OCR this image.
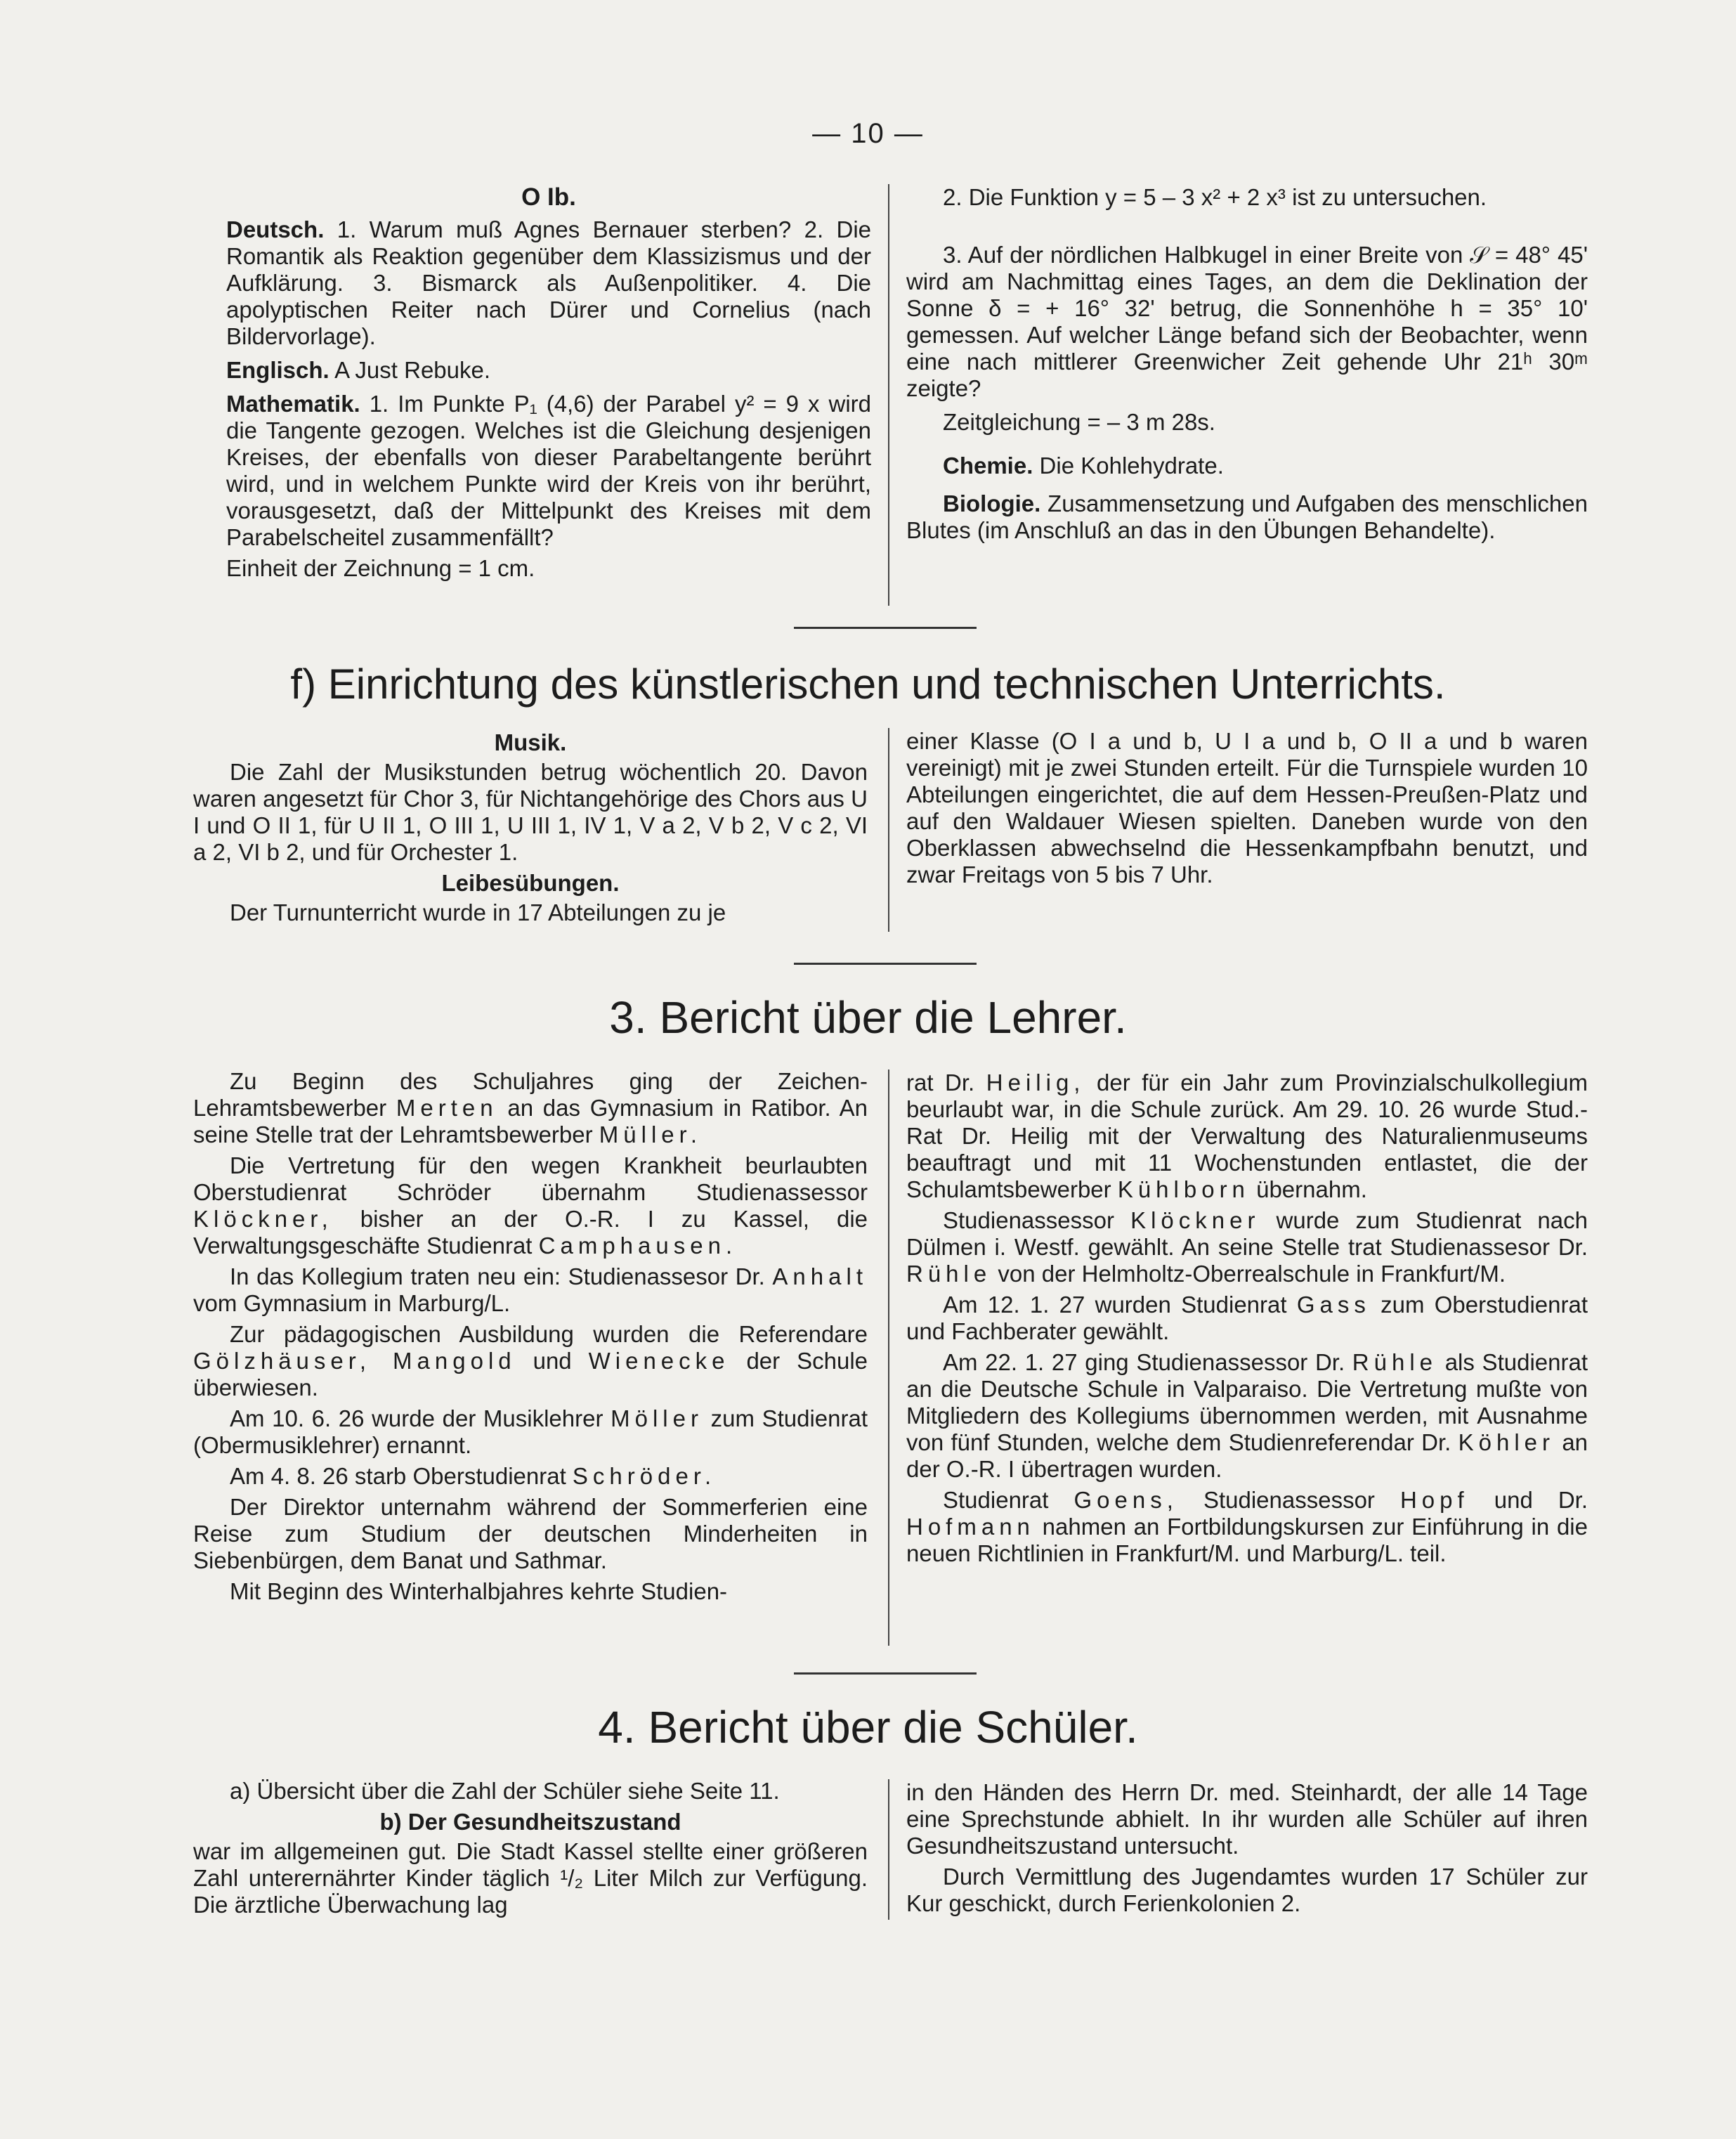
— 10 —
O Ib.

Deutsch. 1. Warum muß Agnes Bernauer sterben? 2. Die Romantik als Reaktion gegenüber dem Klassizismus und der Aufklärung. 3. Bismarck als Außenpolitiker. 4. Die apolyptischen Reiter nach Dürer und Cornelius (nach Bildervorlage).

Englisch. A Just Rebuke.

Mathematik. 1. Im Punkte P₁ (4,6) der Parabel y² = 9 x wird die Tangente gezogen. Welches ist die Gleichung desjenigen Kreises, der ebenfalls von dieser Parabeltangente berührt wird, und in welchem Punkte wird der Kreis von ihr berührt, vorausgesetzt, daß der Mittelpunkt des Kreises mit dem Parabelscheitel zusammenfällt?

Einheit der Zeichnung = 1 cm.

2. Die Funktion y = 5 – 3 x² + 2 x³ ist zu untersuchen.

3. Auf der nördlichen Halbkugel in einer Breite von 𝒮 = 48° 45' wird am Nachmittag eines Tages, an dem die Deklination der Sonne δ = + 16° 32' betrug, die Sonnenhöhe h = 35° 10' gemessen. Auf welcher Länge befand sich der Beobachter, wenn eine nach mittlerer Greenwicher Zeit gehende Uhr 21ʰ 30ᵐ zeigte?

Zeitgleichung = – 3 m 28s.

Chemie. Die Kohlehydrate.

Biologie. Zusammensetzung und Aufgaben des menschlichen Blutes (im Anschluß an das in den Übungen Behandelte).

f) Einrichtung des künstlerischen und technischen Unterrichts.
Musik.

Die Zahl der Musikstunden betrug wöchentlich 20. Davon waren angesetzt für Chor 3, für Nichtangehörige des Chors aus U I und O II 1, für U II 1, O III 1, U III 1, IV 1, V a 2, V b 2, V c 2, VI a 2, VI b 2, und für Orchester 1.

Leibesübungen.

Der Turnunterricht wurde in 17 Abteilungen zu je

einer Klasse (O I a und b, U I a und b, O II a und b waren vereinigt) mit je zwei Stunden erteilt. Für die Turnspiele wurden 10 Abteilungen eingerichtet, die auf dem Hessen-Preußen-Platz und auf den Waldauer Wiesen spielten. Daneben wurde von den Oberklassen abwechselnd die Hessenkampfbahn benutzt, und zwar Freitags von 5 bis 7 Uhr.

3. Bericht über die Lehrer.

Zu Beginn des Schuljahres ging der Zeichen-Lehramtsbewerber Merten an das Gymnasium in Ratibor. An seine Stelle trat der Lehramtsbewerber Müller.

Die Vertretung für den wegen Krankheit beurlaubten Oberstudienrat Schröder übernahm Studienassessor Klöckner, bisher an der O.-R. I zu Kassel, die Verwaltungsgeschäfte Studienrat Camphausen.

In das Kollegium traten neu ein: Studienassesor Dr. Anhalt vom Gymnasium in Marburg/L.

Zur pädagogischen Ausbildung wurden die Referendare Gölzhäuser, Mangold und Wienecke der Schule überwiesen.

Am 10. 6. 26 wurde der Musiklehrer Möller zum Studienrat (Obermusiklehrer) ernannt.

Am 4. 8. 26 starb Oberstudienrat Schröder.

Der Direktor unternahm während der Sommerferien eine Reise zum Studium der deutschen Minderheiten in Siebenbürgen, dem Banat und Sathmar.

Mit Beginn des Winterhalbjahres kehrte Studien-

rat Dr. Heilig, der für ein Jahr zum Provinzialschulkollegium beurlaubt war, in die Schule zurück. Am 29. 10. 26 wurde Stud.-Rat Dr. Heilig mit der Verwaltung des Naturalienmuseums beauftragt und mit 11 Wochenstunden entlastet, die der Schulamtsbewerber Kühlborn übernahm.

Studienassessor Klöckner wurde zum Studienrat nach Dülmen i. Westf. gewählt. An seine Stelle trat Studienassesor Dr. Rühle von der Helmholtz-Oberrealschule in Frankfurt/M.

Am 12. 1. 27 wurden Studienrat Gass zum Oberstudienrat und Fachberater gewählt.

Am 22. 1. 27 ging Studienassessor Dr. Rühle als Studienrat an die Deutsche Schule in Valparaiso. Die Vertretung mußte von Mitgliedern des Kollegiums übernommen werden, mit Ausnahme von fünf Stunden, welche dem Studienreferendar Dr. Köhler an der O.-R. I übertragen wurden.

Studienrat Goens, Studienassessor Hopf und Dr. Hofmann nahmen an Fortbildungskursen zur Einführung in die neuen Richtlinien in Frankfurt/M. und Marburg/L. teil.

4. Bericht über die Schüler.

a) Übersicht über die Zahl der Schüler siehe Seite 11.

b) Der Gesundheitszustand

war im allgemeinen gut. Die Stadt Kassel stellte einer größeren Zahl unterernährter Kinder täglich ¹/₂ Liter Milch zur Verfügung. Die ärztliche Überwachung lag

in den Händen des Herrn Dr. med. Steinhardt, der alle 14 Tage eine Sprechstunde abhielt. In ihr wurden alle Schüler auf ihren Gesundheitszustand untersucht.

Durch Vermittlung des Jugendamtes wurden 17 Schüler zur Kur geschickt, durch Ferienkolonien 2.
